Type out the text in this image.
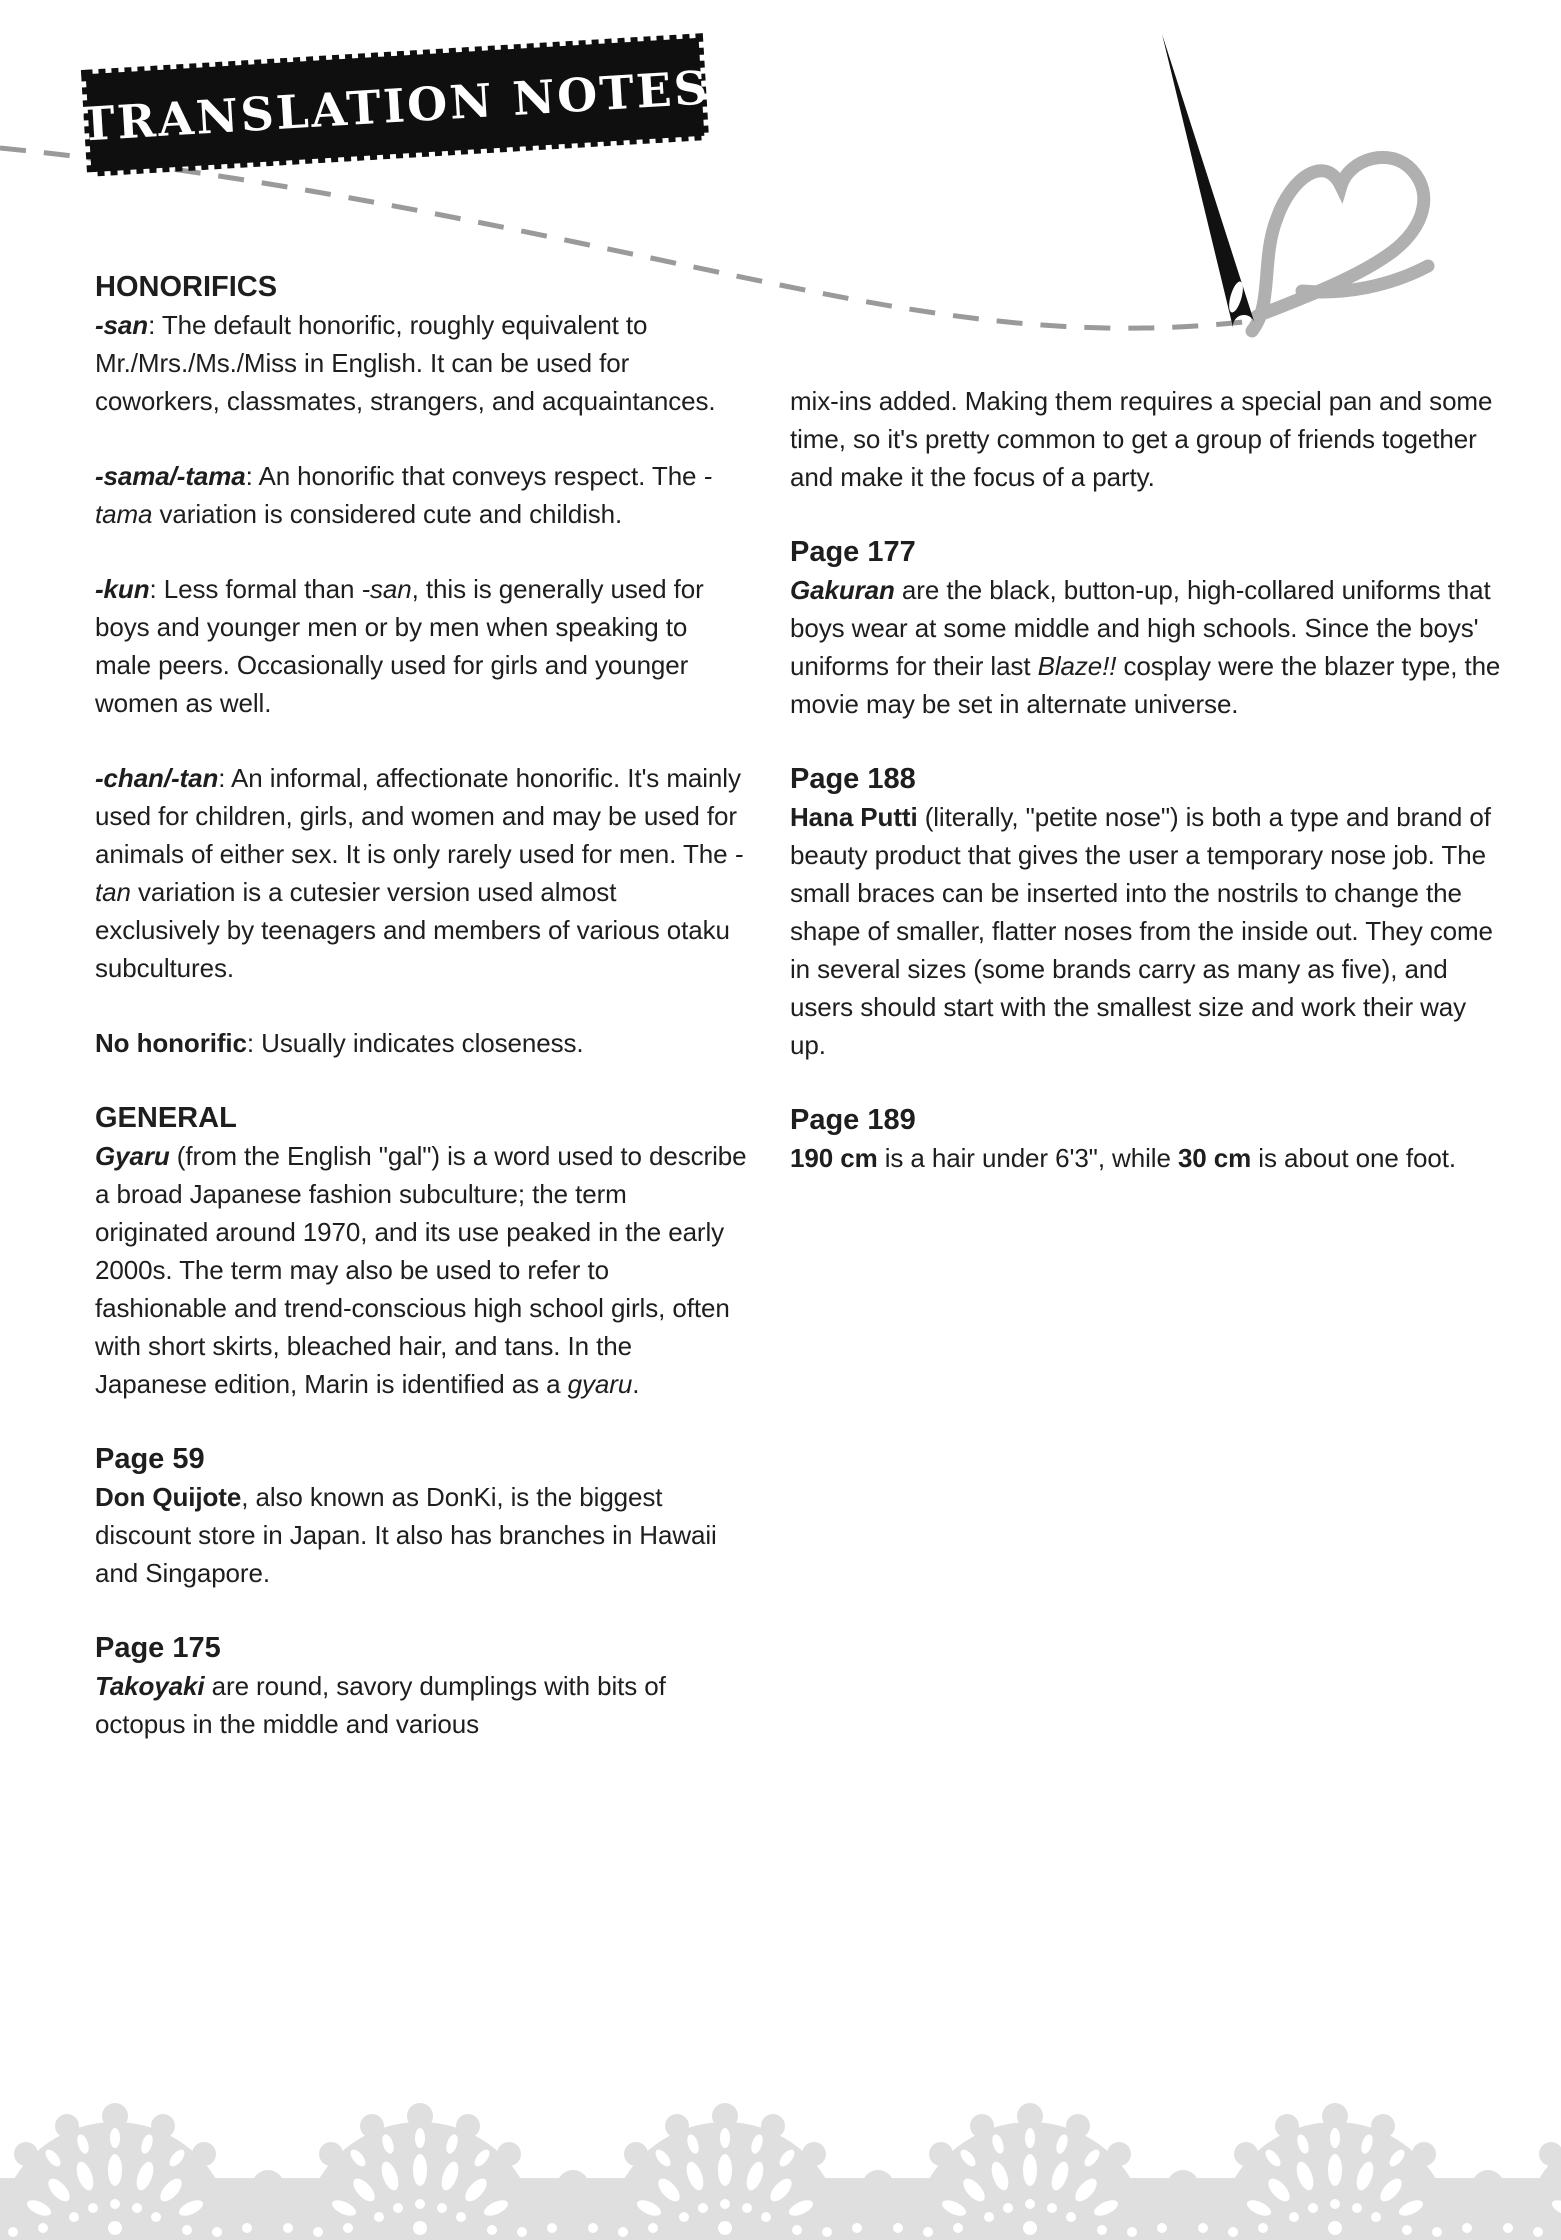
TRANSLATION NOTES
HONORIFICS
-san: The default honorific, roughly equivalent to Mr./Mrs./Ms./Miss in English. It can be used for coworkers, classmates, strangers, and acquaintances.
-sama/-tama: An honorific that conveys respect. The -tama variation is considered cute and childish.
-kun: Less formal than -san, this is generally used for boys and younger men or by men when speaking to male peers. Occasionally used for girls and younger women as well.
-chan/-tan: An informal, affectionate honorific. It's mainly used for children, girls, and women and may be used for animals of either sex. It is only rarely used for men. The -tan variation is a cutesier version used almost exclusively by teenagers and members of various otaku subcultures.
No honorific: Usually indicates closeness.
GENERAL
Gyaru (from the English "gal") is a word used to describe a broad Japanese fashion subculture; the term originated around 1970, and its use peaked in the early 2000s. The term may also be used to refer to fashionable and trend-conscious high school girls, often with short skirts, bleached hair, and tans. In the Japanese edition, Marin is identified as a gyaru.
Page 59
Don Quijote, also known as DonKi, is the biggest discount store in Japan. It also has branches in Hawaii and Singapore.
Page 175
Takoyaki are round, savory dumplings with bits of octopus in the middle and various
mix-ins added. Making them requires a special pan and some time, so it's pretty common to get a group of friends together and make it the focus of a party.
Page 177
Gakuran are the black, button-up, high-collared uniforms that boys wear at some middle and high schools. Since the boys' uniforms for their last Blaze!! cosplay were the blazer type, the movie may be set in alternate universe.
Page 188
Hana Putti (literally, "petite nose") is both a type and brand of beauty product that gives the user a temporary nose job. The small braces can be inserted into the nostrils to change the shape of smaller, flatter noses from the inside out. They come in several sizes (some brands carry as many as five), and users should start with the smallest size and work their way up.
Page 189
190 cm is a hair under 6'3", while 30 cm is about one foot.
